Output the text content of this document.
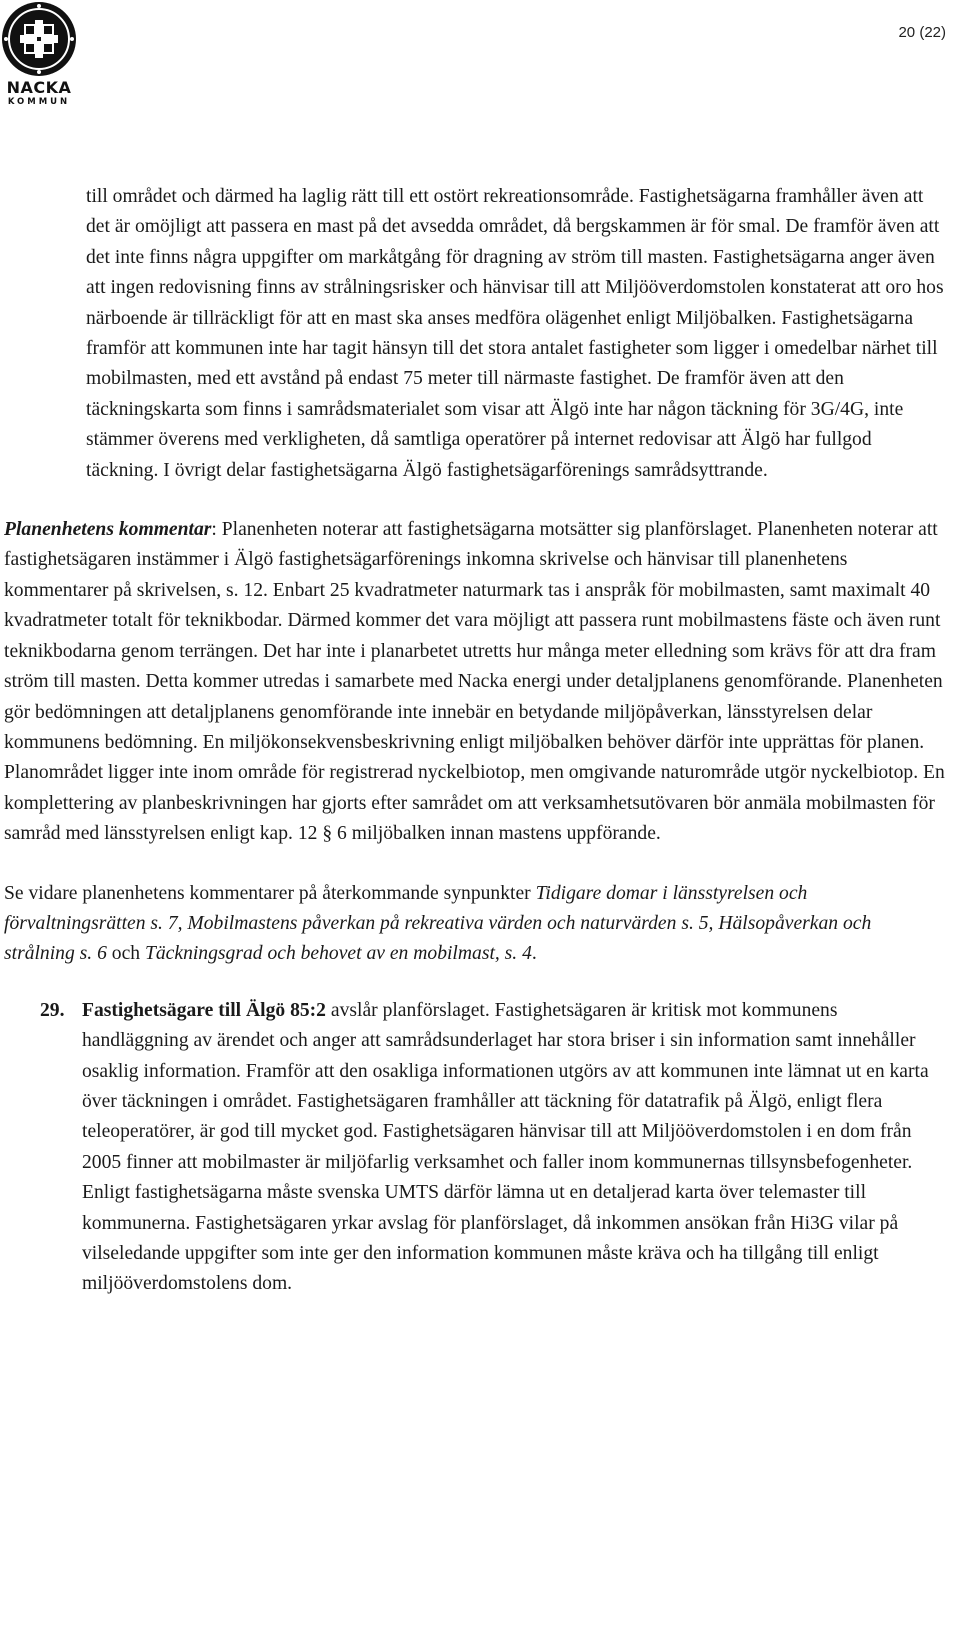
NACKA
KOMMUN
20 (22)

till området och därmed ha laglig rätt till ett ostört rekreationsområde. Fastighetsägarna framhåller även att det är omöjligt att passera en mast på det avsedda området, då bergskammen är för smal. De framför även att det inte finns några uppgifter om markåtgång för dragning av ström till masten. Fastighetsägarna anger även att ingen redovisning finns av strålningsrisker och hänvisar till att Miljööverdomstolen konstaterat att oro hos närboende är tillräckligt för att en mast ska anses medföra olägenhet enligt Miljöbalken. Fastighetsägarna framför att kommunen inte har tagit hänsyn till det stora antalet fastigheter som ligger i omedelbar närhet till mobilmasten, med ett avstånd på endast 75 meter till närmaste fastighet. De framför även att den täckningskarta som finns i samrådsmaterialet som visar att Älgö inte har någon täckning för 3G/4G, inte stämmer överens med verkligheten, då samtliga operatörer på internet redovisar att Älgö har fullgod täckning. I övrigt delar fastighetsägarna Älgö fastighetsägarförenings samrådsyttrande.

Planenhetens kommentar: Planenheten noterar att fastighetsägarna motsätter sig planförslaget. Planenheten noterar att fastighetsägaren instämmer i Älgö fastighetsägarförenings inkomna skrivelse och hänvisar till planenhetens kommentarer på skrivelsen, s. 12. Enbart 25 kvadratmeter naturmark tas i anspråk för mobilmasten, samt maximalt 40 kvadratmeter totalt för teknikbodar. Därmed kommer det vara möjligt att passera runt mobilmastens fäste och även runt teknikbodarna genom terrängen. Det har inte i planarbetet utretts hur många meter elledning som krävs för att dra fram ström till masten. Detta kommer utredas i samarbete med Nacka energi under detaljplanens genomförande. Planenheten gör bedömningen att detaljplanens genomförande inte innebär en betydande miljöpåverkan, länsstyrelsen delar kommunens bedömning. En miljökonsekvensbeskrivning enligt miljöbalken behöver därför inte upprättas för planen. Planområdet ligger inte inom område för registrerad nyckelbiotop, men omgivande naturområde utgör nyckelbiotop. En komplettering av planbeskrivningen har gjorts efter samrådet om att verksamhetsutövaren bör anmäla mobilmasten för samråd med länsstyrelsen enligt kap. 12 § 6 miljöbalken innan mastens uppförande.

Se vidare planenhetens kommentarer på återkommande synpunkter Tidigare domar i länsstyrelsen och förvaltningsrätten s. 7, Mobilmastens påverkan på rekreativa värden och naturvärden s. 5, Hälsopåverkan och strålning s. 6 och Täckningsgrad och behovet av en mobilmast, s. 4.

29. Fastighetsägare till Älgö 85:2 avslår planförslaget. Fastighetsägaren är kritisk mot kommunens handläggning av ärendet och anger att samrådsunderlaget har stora briser i sin information samt innehåller osaklig information. Framför att den osakliga informationen utgörs av att kommunen inte lämnat ut en karta över täckningen i området. Fastighetsägaren framhåller att täckning för datatrafik på Älgö, enligt flera teleoperatörer, är god till mycket god. Fastighetsägaren hänvisar till att Miljööverdomstolen i en dom från 2005 finner att mobilmaster är miljöfarlig verksamhet och faller inom kommunernas tillsynsbefogenheter. Enligt fastighetsägarna måste svenska UMTS därför lämna ut en detaljerad karta över telemaster till kommunerna. Fastighetsägaren yrkar avslag för planförslaget, då inkommen ansökan från Hi3G vilar på vilseledande uppgifter som inte ger den information kommunen måste kräva och ha tillgång till enligt miljööverdomstolens dom.
